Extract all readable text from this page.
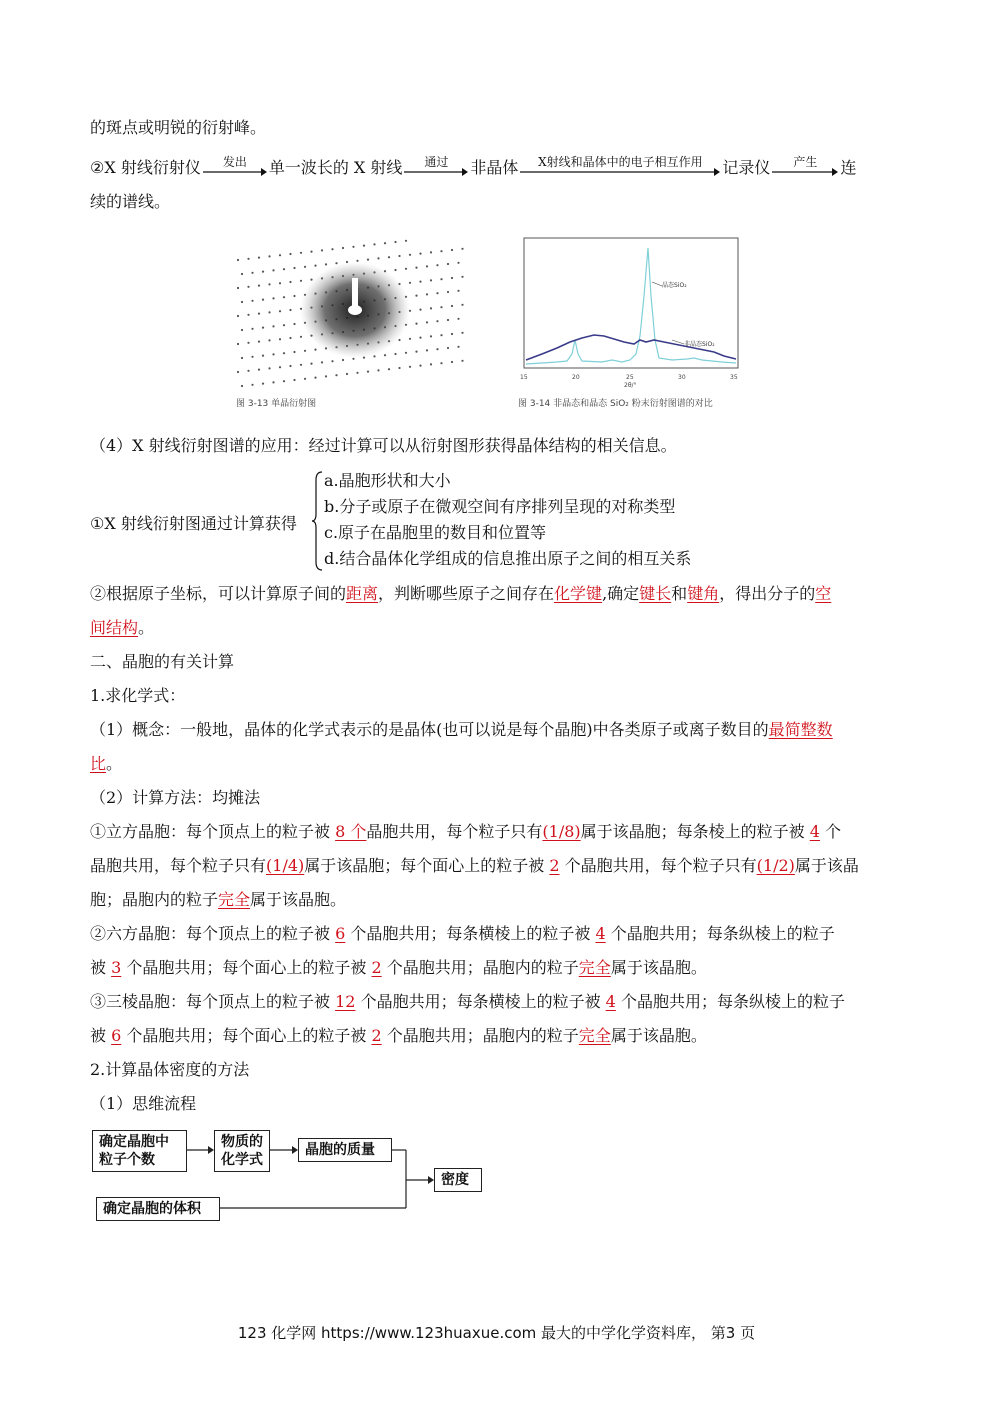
的斑点或明锐的衍射峰。
②X 射线衍射仪	发出	单一波长的 X 射线	通过	非晶体	X射线和晶体中的电子相互作用	记录仪	产生	连
续的谱线。
图 3-13 单晶衍射图
晶态SiO₂
非晶态SiO₂
15	20	25	30	35
2θ/°
图 3-14 非晶态和晶态 SiO₂ 粉末衍射图谱的对比
（4）X 射线衍射图谱的应用：经过计算可以从衍射图形获得晶体结构的相关信息。
①X 射线衍射图通过计算获得
a.晶胞形状和大小
b.分子或原子在微观空间有序排列呈现的对称类型
c.原子在晶胞里的数目和位置等
d.结合晶体化学组成的信息推出原子之间的相互关系
②根据原子坐标，可以计算原子间的距离，判断哪些原子之间存在化学键,确定键长和键角，得出分子的空
间结构。
二、晶胞的有关计算
1.求化学式：
（1）概念：一般地，晶体的化学式表示的是晶体(也可以说是每个晶胞)中各类原子或离子数目的最简整数
比。
（2）计算方法：均摊法
①立方晶胞：每个顶点上的粒子被 8 个晶胞共用，每个粒子只有(1/8)属于该晶胞；每条棱上的粒子被 4 个
晶胞共用，每个粒子只有(1/4)属于该晶胞；每个面心上的粒子被 2 个晶胞共用，每个粒子只有(1/2)属于该晶
胞；晶胞内的粒子完全属于该晶胞。
②六方晶胞：每个顶点上的粒子被 6 个晶胞共用；每条横棱上的粒子被 4 个晶胞共用；每条纵棱上的粒子
被 3 个晶胞共用；每个面心上的粒子被 2 个晶胞共用；晶胞内的粒子完全属于该晶胞。
③三棱晶胞：每个顶点上的粒子被 12 个晶胞共用；每条横棱上的粒子被 4 个晶胞共用；每条纵棱上的粒子
被 6 个晶胞共用；每个面心上的粒子被 2 个晶胞共用；晶胞内的粒子完全属于该晶胞。
2.计算晶体密度的方法
（1）思维流程
确定晶胞中
粒子个数
物质的
化学式
晶胞的质量
密度
确定晶胞的体积
123 化学网 https://www.123huaxue.com 最大的中学化学资料库， 第3 页
